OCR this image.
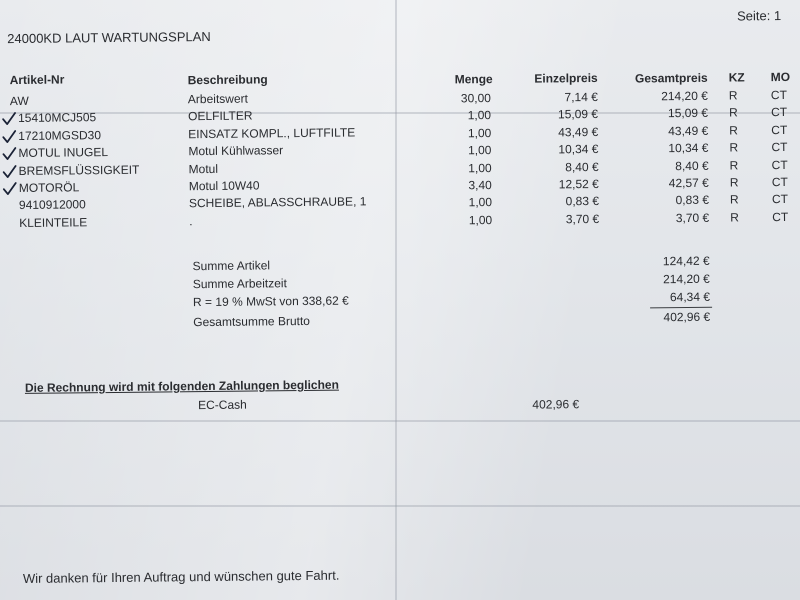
24000KD LAUT WARTUNGSPLAN
Seite: 1
Artikel-Nr	Beschreibung	Menge	Einzelpreis	Gesamtpreis KZ MO
AW	Arbeitswert	30,00	7,14 €	214,20 € R	CT
15410MCJ505	OELFILTER	1,00	15,09 €	15,09 € R	CT
17210MGSD30	EINSATZ KOMPL., LUFTFILTE	1,00	43,49 €	43,49 € R	CT
MOTUL INUGEL	Motul Kühlwasser	1,00	10,34 €	10,34 € R	CT
BREMSFLÜSSIGKEIT	Motul	1,00	8,40 €	8,40 € R	CT
MOTORÖL	Motul 10W40	3,40	12,52 €	42,57 € R	CT
9410912000	SCHEIBE, ABLASSCHRAUBE, 1	1,00	0,83 €	0,83 € R	CT
KLEINTEILE	.	1,00	3,70 €	3,70 € R	CT
Summe Artikel	124,42 €
Summe Arbeitzeit	214,20 €
R = 19 % MwSt von 338,62 €	64,34 €
Gesamtsumme Brutto	402,96 €
Die Rechnung wird mit folgenden Zahlungen beglichen
EC-Cash	402,96 €
Wir danken für Ihren Auftrag und wünschen gute Fahrt.
